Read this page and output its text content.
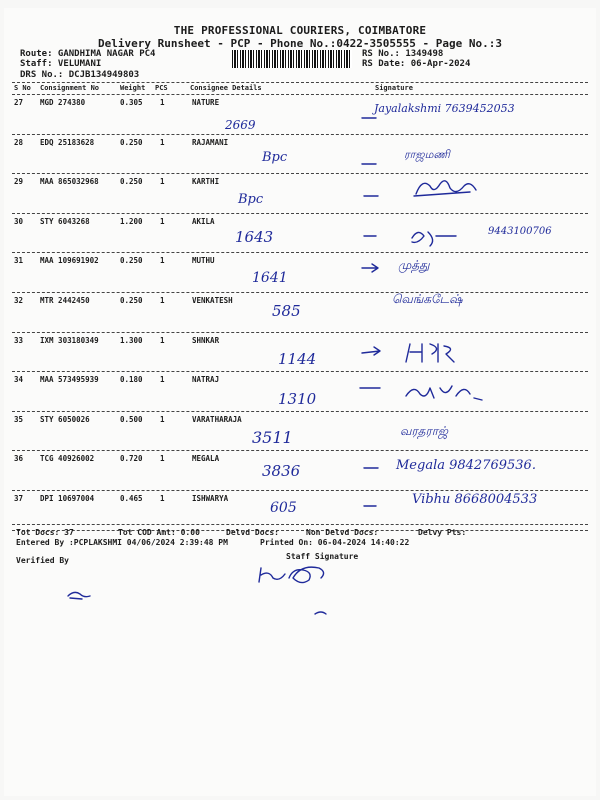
THE PROFESSIONAL COURIERS, COIMBATORE
Delivery Runsheet - PCP - Phone No.:0422-3505555 - Page No.:3
Route: GANDHIMA NAGAR PC4
Staff: VELUMANI
DRS No.: DCJB134949803
RS No.: 1349498
RS Date: 06-Apr-2024
S No Consignment No	Weight PCS	Consignee Details	Signature
27 MGD 274380	0.305 1	NATURE
2669
Jayalakshmi 7639452053
28 EDQ 25183628	0.250 1	RAJAMANI
Bpc	ராஜமணி
29 MAA 865032968	0.250 1	KARTHI
Bpc
30 STY 6043268	1.200 1	AKILA
1643	9443100706
31 MAA 109691902	0.250 1	MUTHU
1641
முத்து
32 MTR 2442450	0.250 1	VENKATESH
585
வெங்கடேஷ்
33 IXM 303180349	1.300 1	SHNKAR
1144
34 MAA 573495939	0.180 1	NATRAJ
1310
35 STY 6050026	0.500 1	VARATHARAJA
3511	வரதராஜ்
36 TCG 40926002	0.720 1	MEGALA
3836	Megala 9842769536.
37 DPI 10697004	0.465 1	ISHWARYA
605
Vibhu 8668004533
Tot Docs: 37	Tot COD Amt: 0.00	Delvd Docs:	Non Delvd Docs:	Delvy Pts:
Entered By :PCPLAKSHMI 04/06/2024 2:39:48 PM	Printed On: 06-04-2024 14:40:22
Verified By	Staff Signature
